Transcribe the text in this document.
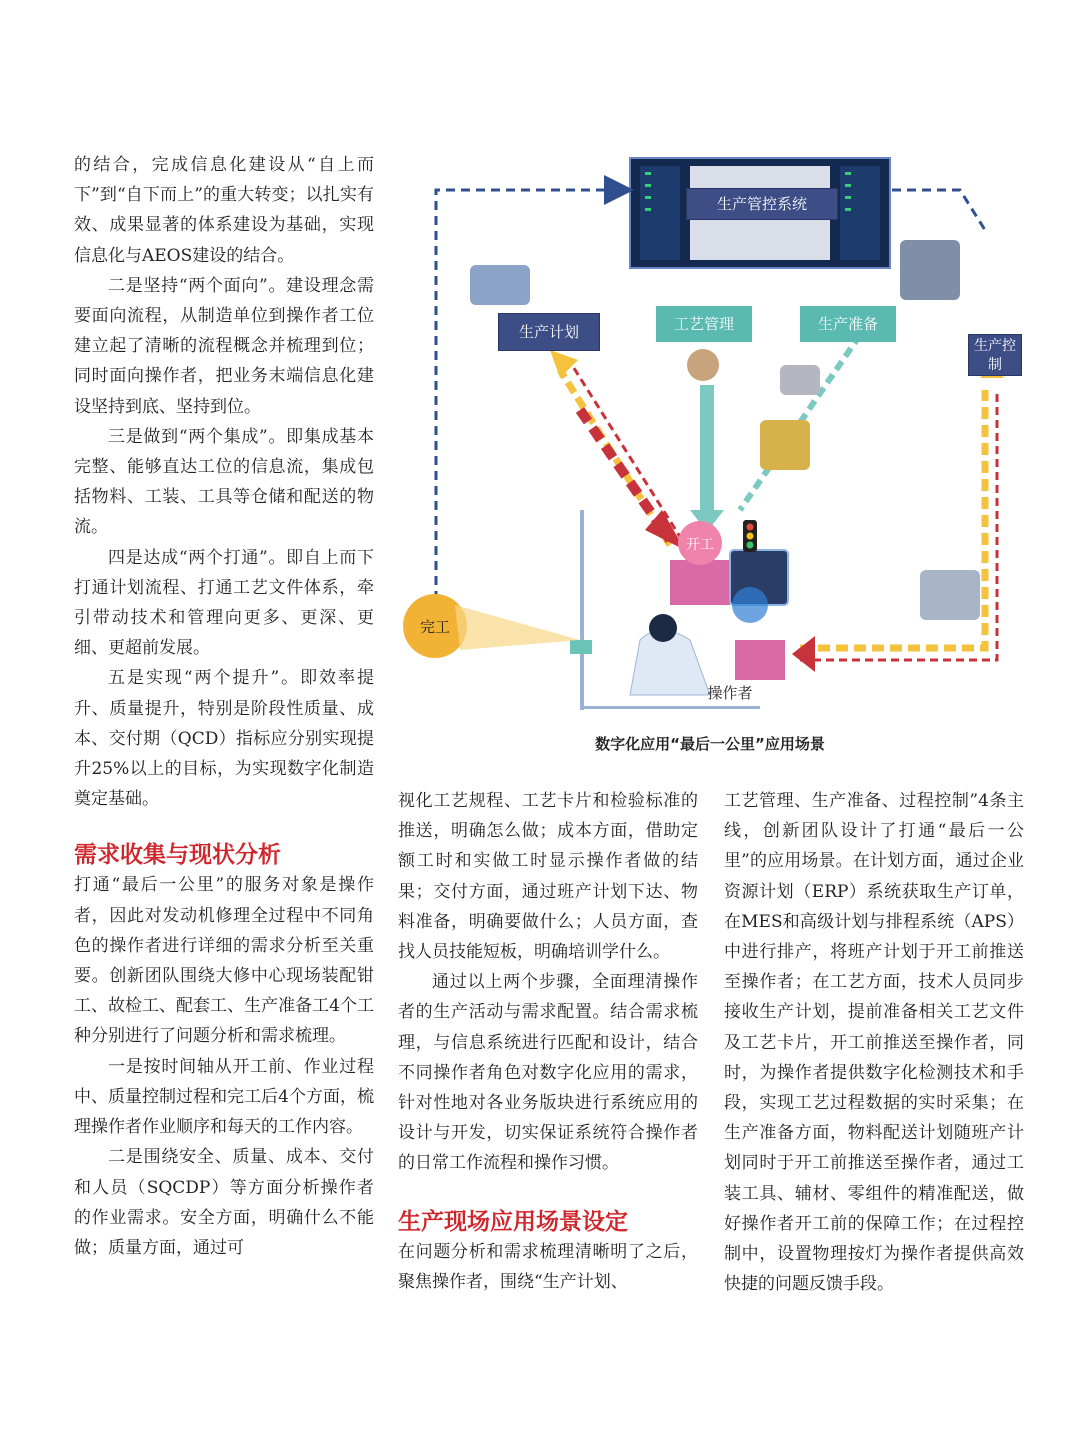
的结合，完成信息化建设从“自上而下”到“自下而上”的重大转变；以扎实有效、成果显著的体系建设为基础，实现信息化与AEOS建设的结合。

二是坚持“两个面向”。建设理念需要面向流程，从制造单位到操作者工位建立起了清晰的流程概念并梳理到位；同时面向操作者，把业务末端信息化建设坚持到底、坚持到位。

三是做到“两个集成”。即集成基本完整、能够直达工位的信息流，集成包括物料、工装、工具等仓储和配送的物流。

四是达成“两个打通”。即自上而下打通计划流程、打通工艺文件体系，牵引带动技术和管理向更多、更深、更细、更超前发展。

五是实现“两个提升”。即效率提升、质量提升，特别是阶段性质量、成本、交付期（QCD）指标应分别实现提升25%以上的目标，为实现数字化制造奠定基础。

需求收集与现状分析

打通“最后一公里”的服务对象是操作者，因此对发动机修理全过程中不同角色的操作者进行详细的需求分析至关重要。创新团队围绕大修中心现场装配钳工、故检工、配套工、生产准备工4个工种分别进行了问题分析和需求梳理。

一是按时间轴从开工前、作业过程中、质量控制过程和完工后4个方面，梳理操作者作业顺序和每天的工作内容。

二是围绕安全、质量、成本、交付和人员（SQCDP）等方面分析操作者的作业需求。安全方面，明确什么不能做；质量方面，通过可

生产管控系统
生产计划	工艺管理	生产准备
生产控制
开工
完工
操作者
数字化应用“最后一公里”应用场景

视化工艺规程、工艺卡片和检验标准的推送，明确怎么做；成本方面，借助定额工时和实做工时显示操作者做的结果；交付方面，通过班产计划下达、物料准备，明确要做什么；人员方面，查找人员技能短板，明确培训学什么。

通过以上两个步骤，全面理清操作者的生产活动与需求配置。结合需求梳理，与信息系统进行匹配和设计，结合不同操作者角色对数字化应用的需求，针对性地对各业务版块进行系统应用的设计与开发，切实保证系统符合操作者的日常工作流程和操作习惯。

生产现场应用场景设定

在问题分析和需求梳理清晰明了之后，聚焦操作者，围绕“生产计划、

工艺管理、生产准备、过程控制”4条主线，创新团队设计了打通“最后一公里”的应用场景。在计划方面，通过企业资源计划（ERP）系统获取生产订单，在MES和高级计划与排程系统（APS）中进行排产，将班产计划于开工前推送至操作者；在工艺方面，技术人员同步接收生产计划，提前准备相关工艺文件及工艺卡片，开工前推送至操作者，同时，为操作者提供数字化检测技术和手段，实现工艺过程数据的实时采集；在生产准备方面，物料配送计划随班产计划同时于开工前推送至操作者，通过工装工具、辅材、零组件的精准配送，做好操作者开工前的保障工作；在过程控制中，设置物理按灯为操作者提供高效快捷的问题反馈手段。
